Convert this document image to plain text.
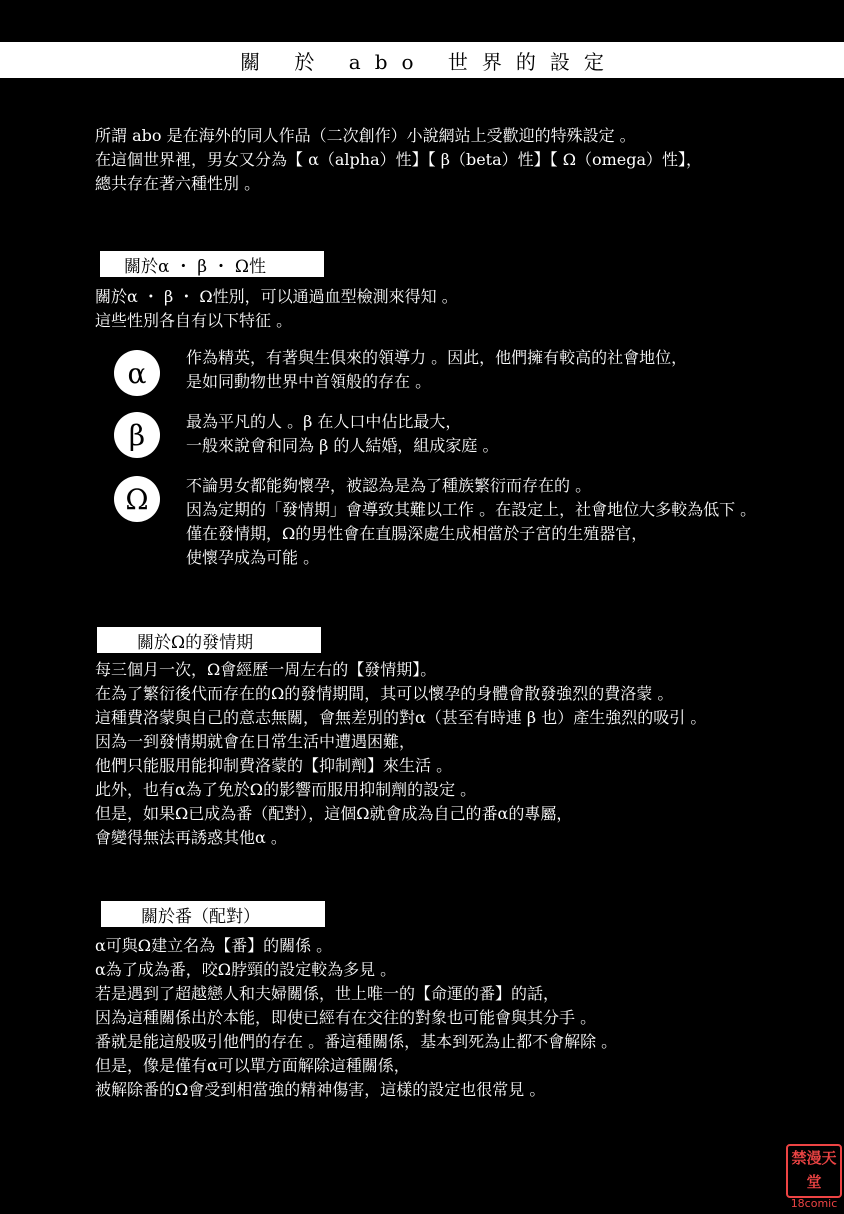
關 於 abo 世界的設定

所謂 abo 是在海外的同人作品（二次創作）小說網站上受歡迎的特殊設定 。

在這個世界裡，男女又分為【 α（alpha）性】【 β（beta）性】【 Ω（omega）性】，

總共存在著六種性別 。

關於α ・ β ・ Ω性

關於α ・ β ・ Ω性別，可以通過血型檢測來得知 。

這些性別各自有以下特征 。

α 作為精英，有著與生俱來的領導力 。因此，他們擁有較高的社會地位，

是如同動物世界中首領般的存在 。

β	最為平凡的人 。β 在人口中佔比最大，

一般來說會和同為 β 的人結婚，組成家庭 。

Ω 不論男女都能夠懷孕，被認為是為了種族繁衍而存在的 。

因為定期的「發情期」會導致其難以工作 。在設定上，社會地位大多較為低下 。

僅在發情期，Ω的男性會在直腸深處生成相當於子宮的生殖器官，

使懷孕成為可能 。

關於Ω的發情期

每三個月一次，Ω會經歷一周左右的【發情期】。

在為了繁衍後代而存在的Ω的發情期間，其可以懷孕的身體會散發強烈的費洛蒙 。

這種費洛蒙與自己的意志無關，會無差別的對α（甚至有時連 β 也）產生強烈的吸引 。

因為一到發情期就會在日常生活中遭遇困難，

他們只能服用能抑制費洛蒙的【抑制劑】來生活 。

此外，也有α為了免於Ω的影響而服用抑制劑的設定 。

但是，如果Ω已成為番（配對），這個Ω就會成為自己的番α的專屬，

會變得無法再誘惑其他α 。

關於番（配對）

α可與Ω建立名為【番】的關係 。

α為了成為番，咬Ω脖頸的設定較為多見 。

若是遇到了超越戀人和夫婦關係，世上唯一的【命運的番】的話，

因為這種關係出於本能，即使已經有在交往的對象也可能會與其分手 。

番就是能這般吸引他們的存在 。番這種關係，基本到死為止都不會解除 。

但是，像是僅有α可以單方面解除這種關係，

被解除番的Ω會受到相當強的精神傷害，這樣的設定也很常見 。

禁漫天堂
18comic
